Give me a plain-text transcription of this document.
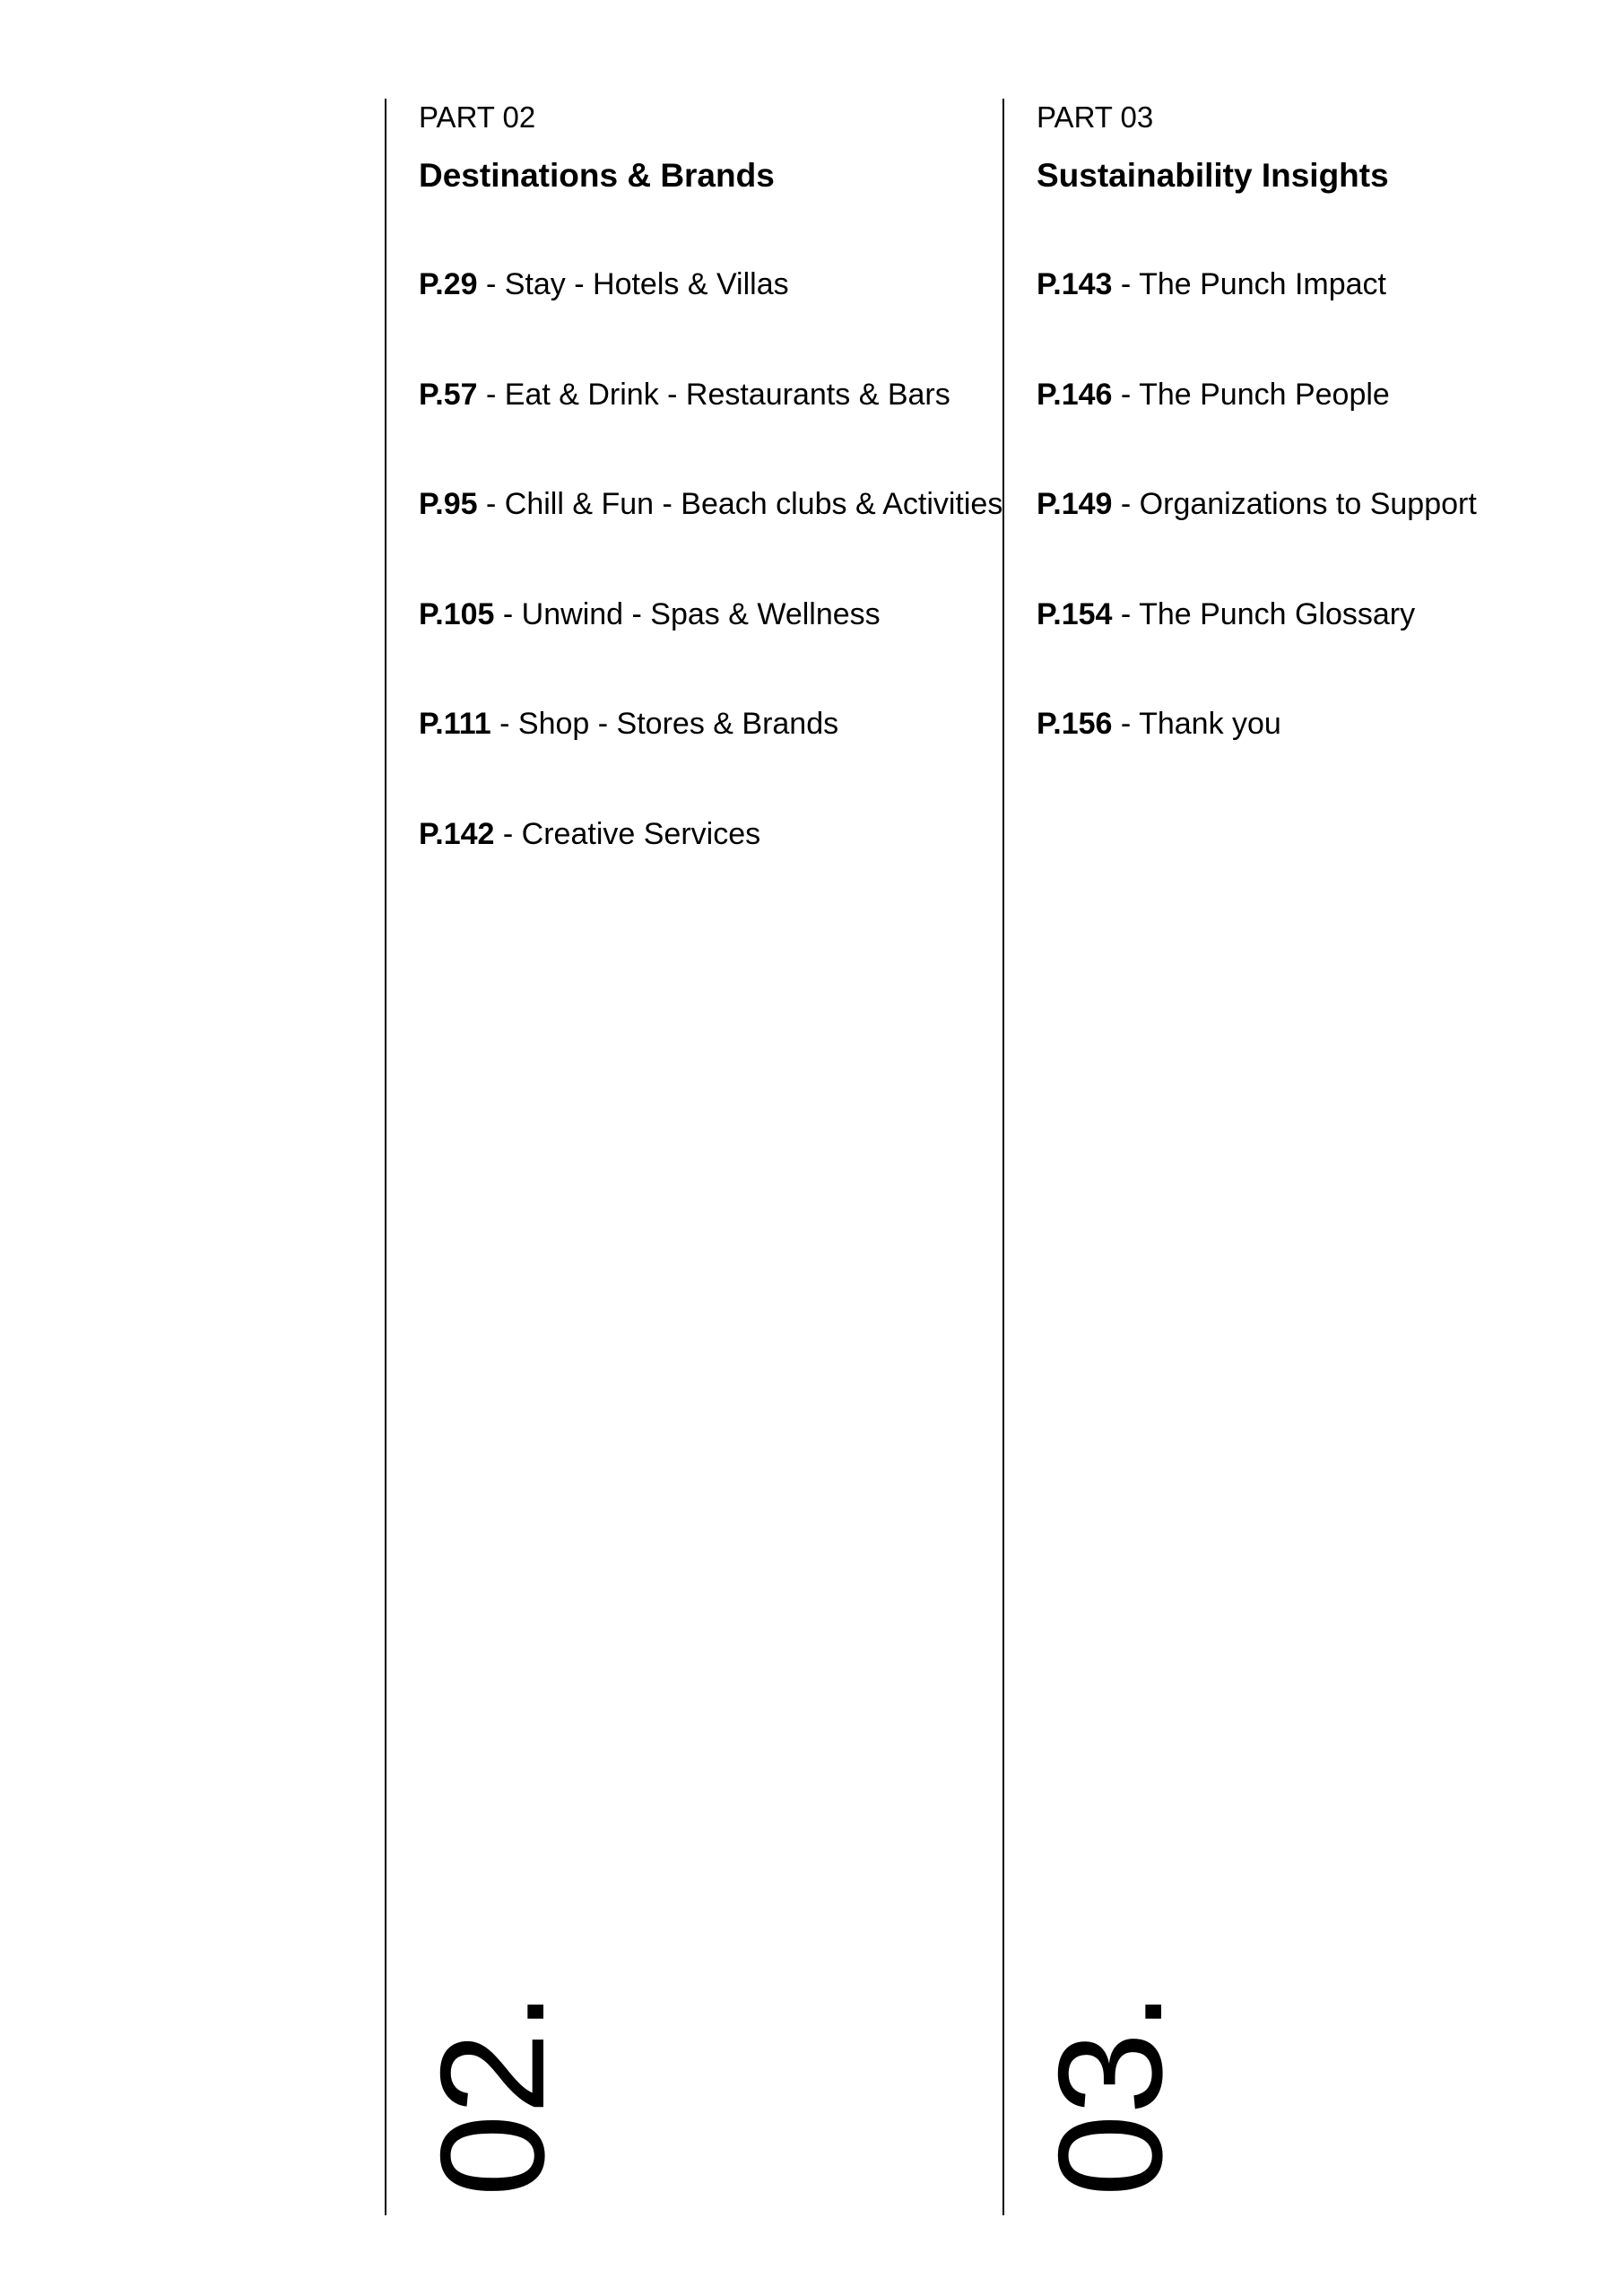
PART 02
Destinations & Brands
P.29 - Stay - Hotels & Villas
P.57 - Eat & Drink - Restaurants & Bars
P.95 - Chill & Fun - Beach clubs & Activities
P.105 - Unwind - Spas & Wellness
P.111 - Shop - Stores & Brands
P.142 - Creative Services
02.
PART 03
Sustainability Insights
P.143 - The Punch Impact
P.146 - The Punch People
P.149 - Organizations to Support
P.154 - The Punch Glossary
P.156 - Thank you
03.
